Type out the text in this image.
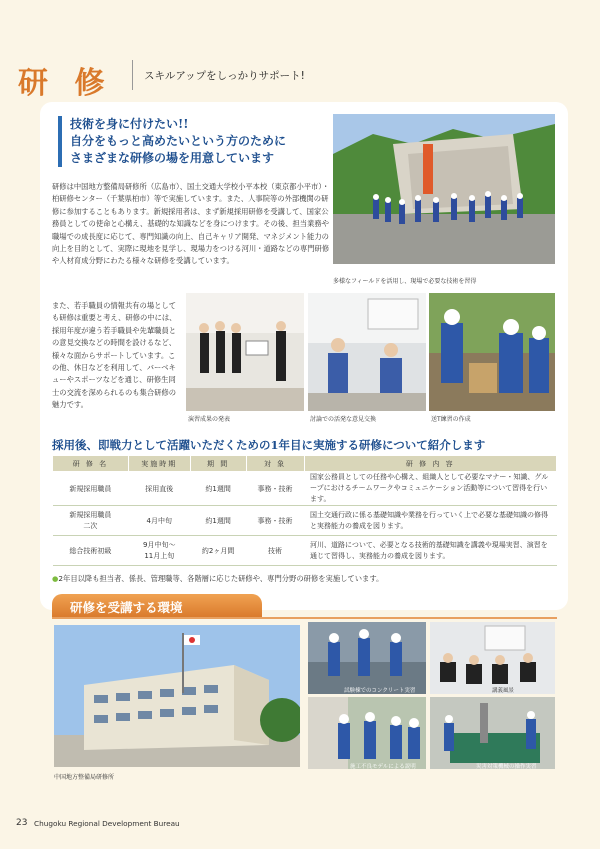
研 修	スキルアップをしっかりサポート!
技術を身に付けたい!!
自分をもっと高めたいという方のために
さまざまな研修の場を用意しています

研修は中国地方整備局研修所（広島市）、国土交通大学校小平本校（東京都小平市）・柏研修センター（千葉県柏市）等で実施しています。また、人事院等の外部機関の研修に参加することもあります。新規採用者は、まず新規採用研修を受講して、国家公務員としての使命と心構え、基礎的な知識などを身につけます。その後、担当業務や職場での成長度に応じて、専門知識の向上、自己キャリア開発、マネジメント能力の向上を目的として、実際に現地を見学し、現場力をつける河川・道路などの専門研修や人材育成分野にわたる様々な研修を受講しています。

また、若手職員の情報共有の場としても研修は重要と考え、研修の中には、採用年度が違う若手職員や先輩職員との意見交換などの時間を設けるなど、様々な面からサポートしています。この他、休日などを利用して、バーベキューやスポーツなどを通じ、研修生同士の交流を深められるのも集合研修の魅力です。

多様なフィールドを活用し、現場で必要な技術を習得
演習成果の発表	討論での活発な意見交換	送T練習の作成
採用後、即戦力として活躍いただくための1年目に実施する研修について紹介します
研 修 名	実施時期	期 間	対 象	研 修 内 容
新規採用職員	採用直後	約1週間	事務・技術	国家公務員としての任務や心構え、組織人として必要なマナー・知識、グループにおけるチームワークやコミュニケーション活動等について習得を行います。
新規採用職員
二次	4月中旬	約1週間	事務・技術	国土交通行政に係る基礎知識や業務を行っていく上で必要な基礎知識の修得と実務能力の養成を図ります。
総合技術初級	9月中旬〜
11月上旬	約2ヶ月間	技術	河川、道路について、必要となる技術的基礎知識を講義や現場実習、演習を通じて習得し、実務能力の養成を図ります。
●2年目以降も担当者、係長、管理職等、各階層に応じた研修や、専門分野の研修を実施しています。
研修を受講する環境
中国地方整備局研修所
試験棟でのコンクリート実習	講義風景
施工不良モデルによる説明	災害対策機械の操作実習
23 Chugoku Regional Development Bureau
